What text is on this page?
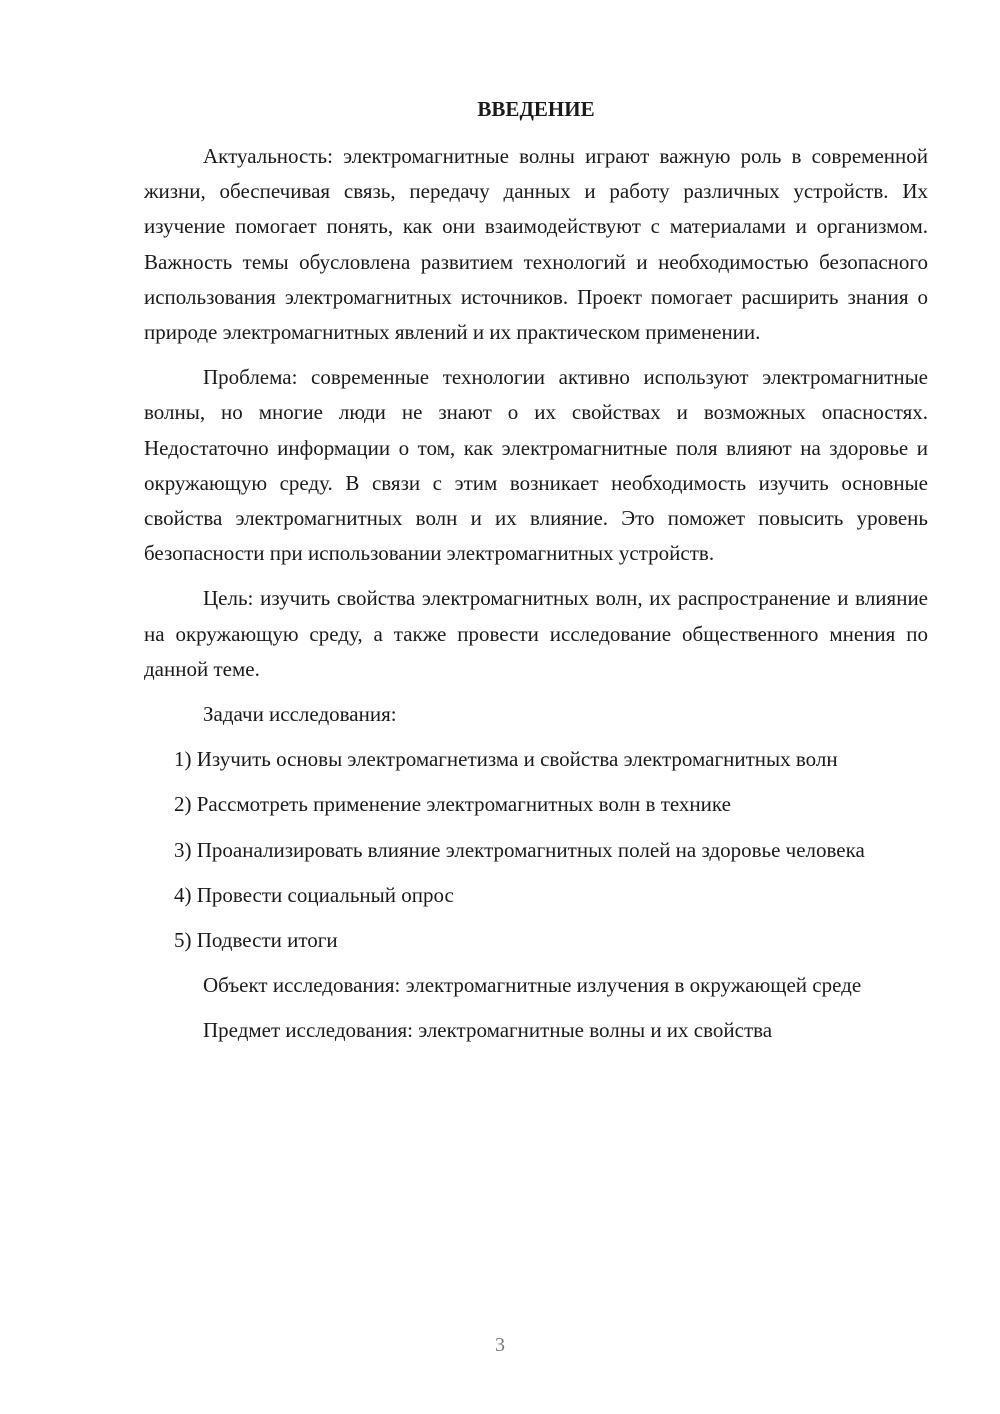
ВВЕДЕНИЕ

Актуальность: электромагнитные волны играют важную роль в современной жизни, обеспечивая связь, передачу данных и работу различных устройств. Их изучение помогает понять, как они взаимодействуют с материалами и организмом. Важность темы обусловлена развитием технологий и необходимостью безопасного использования электромагнитных источников. Проект помогает расширить знания о природе электромагнитных явлений и их практическом применении.

Проблема: современные технологии активно используют электромагнитные волны, но многие люди не знают о их свойствах и возможных опасностях. Недостаточно информации о том, как электромагнитные поля влияют на здоровье и окружающую среду. В связи с этим возникает необходимость изучить основные свойства электромагнитных волн и их влияние. Это поможет повысить уровень безопасности при использовании электромагнитных устройств.

Цель: изучить свойства электромагнитных волн, их распространение и влияние на окружающую среду, а также провести исследование общественного мнения по данной теме.

Задачи исследования:

1) Изучить основы электромагнетизма и свойства электромагнитных волн

2) Рассмотреть применение электромагнитных волн в технике

3) Проанализировать влияние электромагнитных полей на здоровье человека

4) Провести социальный опрос

5) Подвести итоги

Объект исследования: электромагнитные излучения в окружающей среде

Предмет исследования: электромагнитные волны и их свойства

3
